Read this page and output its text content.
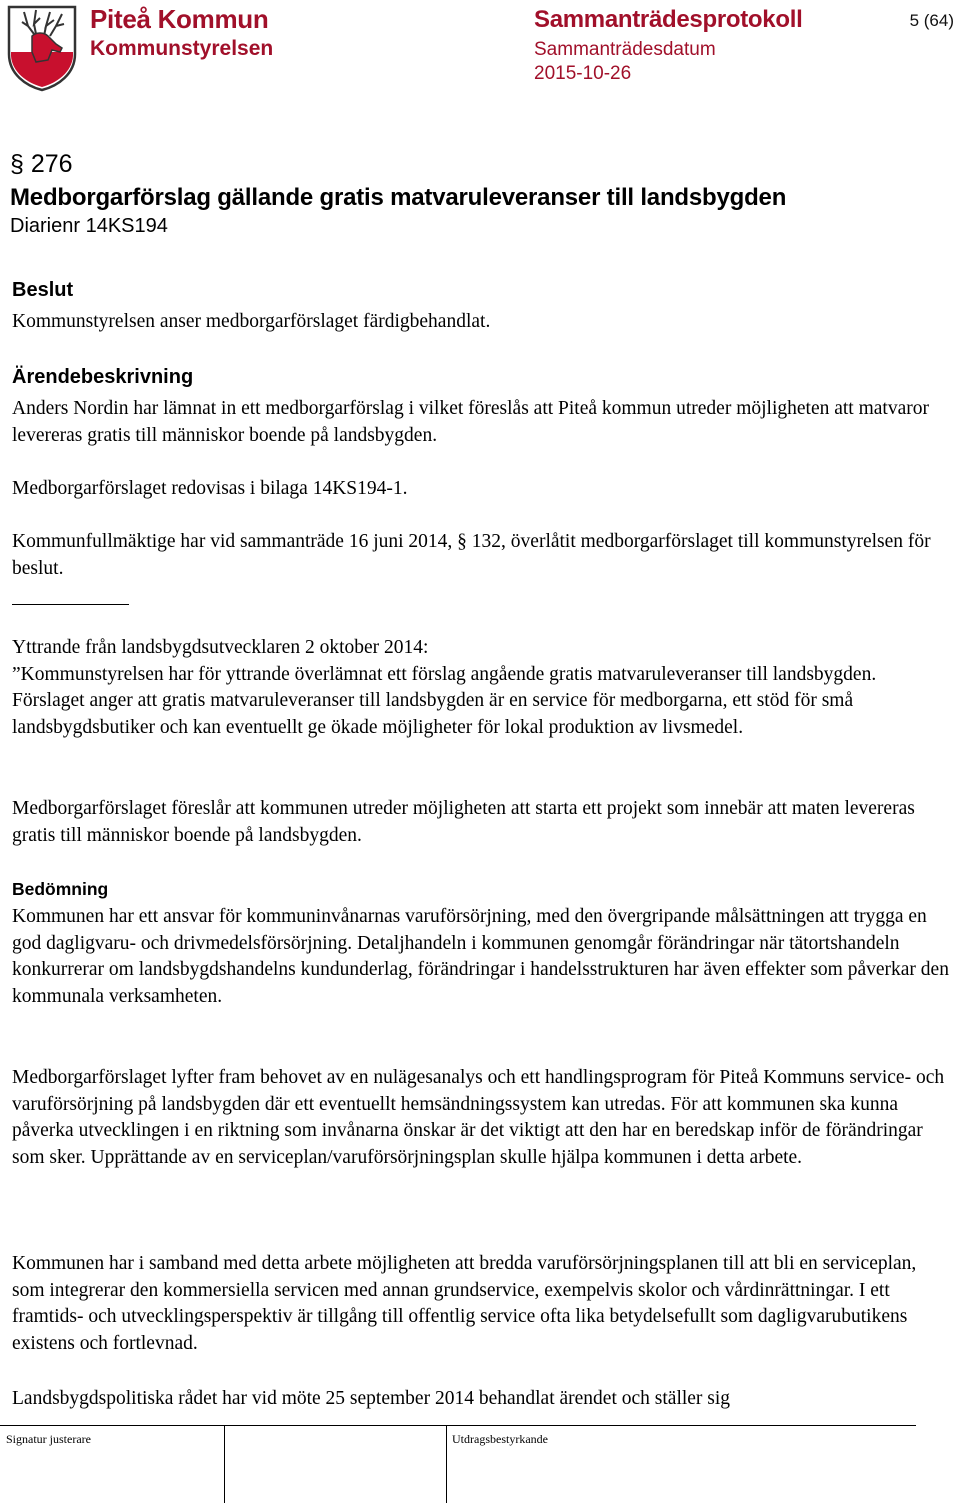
Piteå Kommun
Kommunstyrelsen
Sammanträdesprotokoll
Sammanträdesdatum
2015-10-26
5 (64)
§ 276
Medborgarförslag gällande gratis matvaruleveranser till landsbygden
Diarienr 14KS194
Beslut

Kommunstyrelsen anser medborgarförslaget färdigbehandlat.

Ärendebeskrivning

Anders Nordin har lämnat in ett medborgarförslag i vilket föreslås att Piteå kommun utreder möjligheten att matvaror levereras gratis till människor boende på landsbygden.

Medborgarförslaget redovisas i bilaga 14KS194-1.

Kommunfullmäktige har vid sammanträde 16 juni 2014, § 132, överlåtit medborgarförslaget till kommunstyrelsen för beslut.

Yttrande från landsbygdsutvecklaren 2 oktober 2014:
”Kommunstyrelsen har för yttrande överlämnat ett förslag angående gratis matvaruleveranser till landsbygden. Förslaget anger att gratis matvaruleveranser till landsbygden är en service för medborgarna, ett stöd för små landsbygdsbutiker och kan eventuellt ge ökade möjligheter för lokal produktion av livsmedel.

Medborgarförslaget föreslår att kommunen utreder möjligheten att starta ett projekt som innebär att maten levereras gratis till människor boende på landsbygden.

Bedömning

Kommunen har ett ansvar för kommuninvånarnas varuförsörjning, med den övergripande målsättningen att trygga en god dagligvaru- och drivmedelsförsörjning. Detaljhandeln i kommunen genomgår förändringar när tätortshandeln konkurrerar om landsbygdshandelns kundunderlag, förändringar i handelsstrukturen har även effekter som påverkar den kommunala verksamheten.

Medborgarförslaget lyfter fram behovet av en nulägesanalys och ett handlingsprogram för Piteå Kommuns service- och varuförsörjning på landsbygden där ett eventuellt hemsändningssystem kan utredas. För att kommunen ska kunna påverka utvecklingen i en riktning som invånarna önskar är det viktigt att den har en beredskap inför de förändringar som sker. Upprättande av en serviceplan/varuförsörjningsplan skulle hjälpa kommunen i detta arbete.

Kommunen har i samband med detta arbete möjligheten att bredda varuförsörjningsplanen till att bli en serviceplan, som integrerar den kommersiella servicen med annan grundservice, exempelvis skolor och vårdinrättningar. I ett framtids- och utvecklingsperspektiv är tillgång till offentlig service ofta lika betydelsefullt som dagligvarubutikens existens och fortlevnad.

Landsbygdspolitiska rådet har vid möte 25 september 2014 behandlat ärendet och ställer sig

Signatur justerare	Utdragsbestyrkande
